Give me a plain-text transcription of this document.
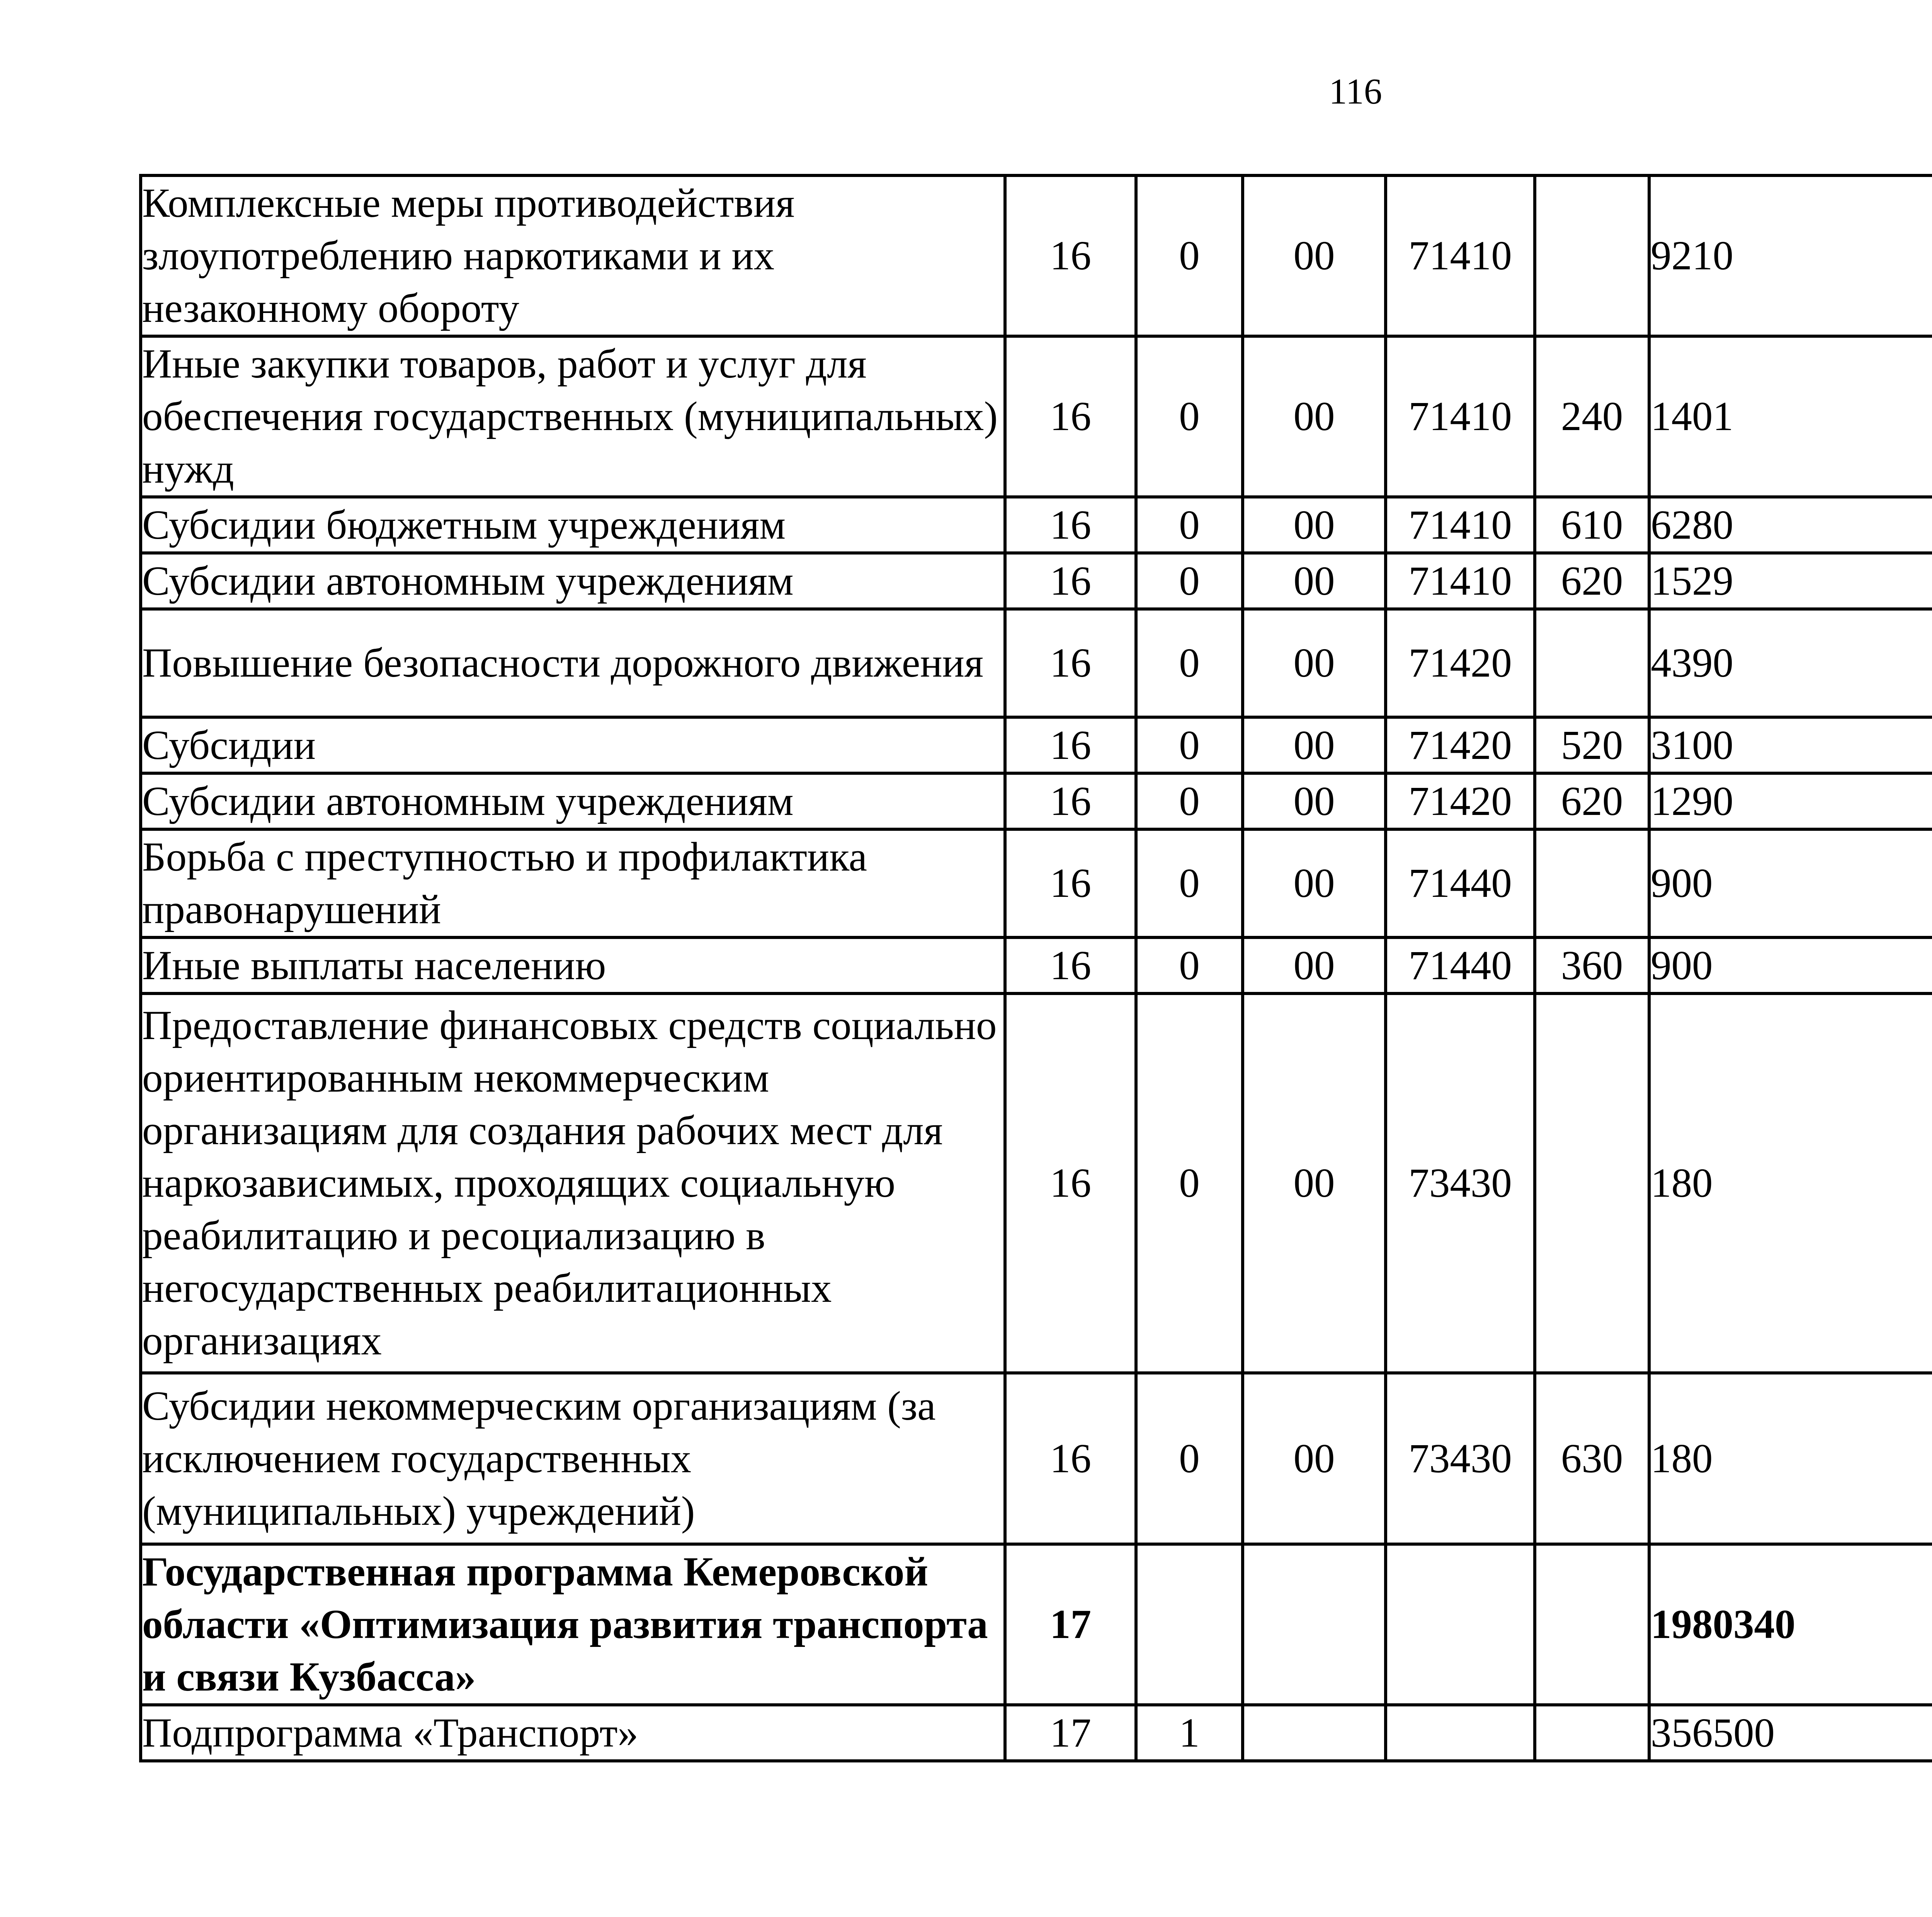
116
Комплексные меры противодействия злоупотреблению наркотиками и их незаконному обороту	16	0	00	71410		9210		
Иные закупки товаров, работ и услуг для обеспечения государственных (муниципальных) нужд	16	0	00	71410	240	1401		
Субсидии бюджетным учреждениям	16	0	00	71410	610	6280		
Субсидии автономным учреждениям	16	0	00	71410	620	1529		
Повышение безопасности дорожного движения	16	0	00	71420		4390		
Субсидии	16	0	00	71420	520	3100		
Субсидии автономным учреждениям	16	0	00	71420	620	1290		
Борьба с преступностью и профилактика правонарушений	16	0	00	71440		900		
Иные выплаты населению	16	0	00	71440	360	900		
Предоставление финансовых средств социально ориентированным некоммерческим организациям для создания рабочих мест для наркозависимых, проходящих социальную реабилитацию и ресоциализацию в негосударственных реабилитационных организациях	16	0	00	73430		180		
Субсидии некоммерческим организациям (за исключением государственных (муниципальных) учреждений)	16	0	00	73430	630	180		
Государственная программа Кемеровской области «Оптимизация развития транспорта и связи Кузбасса»	17					1980340		
Подпрограмма «Транспорт»	17	1				356500		
